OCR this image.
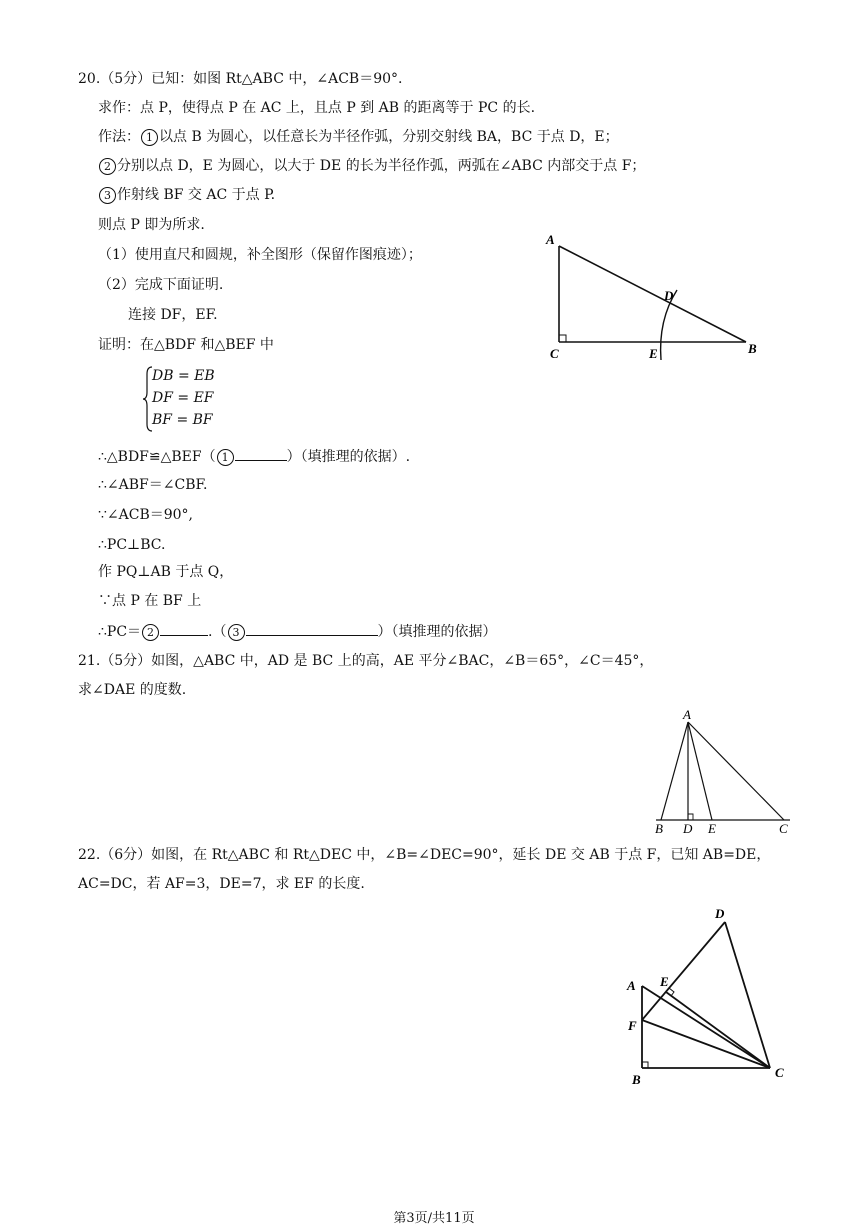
20.（5分）已知：如图 Rt△ABC 中，∠ACB＝90°.
求作：点 P，使得点 P 在 AC 上，且点 P 到 AB 的距离等于 PC 的长.
作法： 1 以点 B 为圆心，以任意长为半径作弧，分别交射线 BA，BC 于点 D，E；
2 分别以点 D，E 为圆心，以大于 DE 的长为半径作弧，两弧在∠ABC 内部交于点 F；
3 作射线 BF 交 AC 于点 P.
则点 P 即为所求.
（1）使用直尺和圆规，补全图形（保留作图痕迹）；
（2）完成下面证明.
连接 DF，EF.
证明：在△BDF 和△BEF 中
DB = EB
DF = EF
BF = BF
∴△BDF≌△BEF（ 1	）（填推理的依据）.
∴∠ABF＝∠CBF.
∵∠ACB＝90°,
∴PC⊥BC.
作 PQ⊥AB 于点 Q，
∵点 P 在 BF 上
∴PC＝ 2	.（ 3	）（填推理的依据）
A
C
D
E	B
21.（5分）如图，△ABC 中，AD 是 BC 上的高，AE 平分∠BAC，∠B＝65°，∠C＝45°，
求∠DAE 的度数.
A
B D E	C
22.（6分）如图，在 Rt△ABC 和 Rt△DEC 中，∠B=∠DEC=90°，延长 DE 交 AB 于点 F，已知 AB=DE，
AC=DC，若 AF=3，DE=7，求 EF 的长度.
D
A E
F
B	C
第3页/共11页
